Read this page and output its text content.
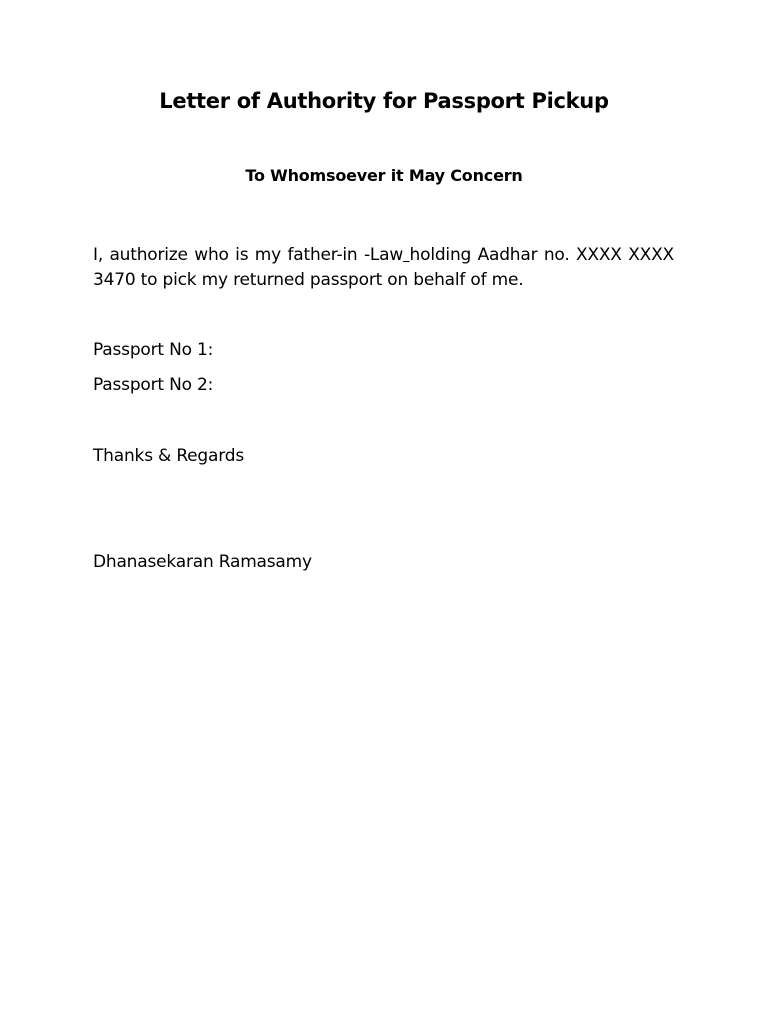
Letter of Authority for Passport Pickup
To Whomsoever it May Concern
I, authorize who is my father-in -Law holding Aadhar no. XXXX XXXX
3470 to pick my returned passport on behalf of me.
Passport No 1:
Passport No 2:
Thanks & Regards
Dhanasekaran Ramasamy
